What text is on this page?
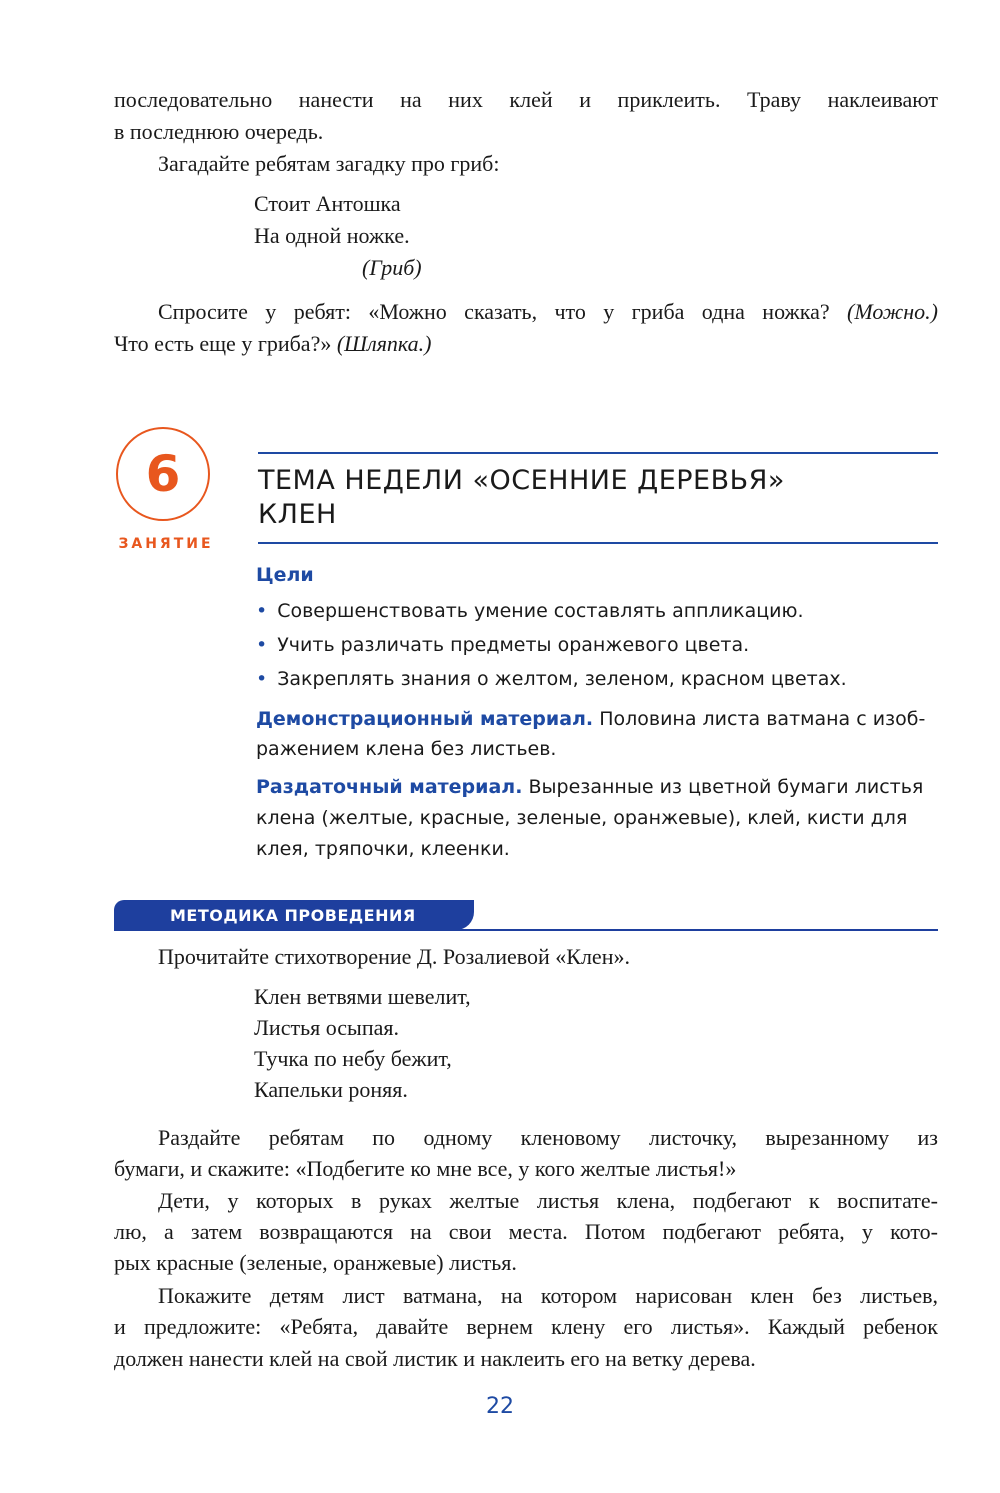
последовательно нанести на них клей и приклеить. Траву наклеивают
в последнюю очередь.
Загадайте ребятам загадку про гриб:
Стоит Антошка
На одной ножке.
(Гриб)
Спросите у ребят: «Можно сказать, что у гриба одна ножка? (Можно.)
Что есть еще у гриба?» (Шляпка.)
6
ЗАНЯТИЕ
ТЕМА НЕДЕЛИ «ОСЕННИЕ ДЕРЕВЬЯ»
КЛЕН
Цели
• Совершенствовать умение составлять аппликацию.
• Учить различать предметы оранжевого цвета.
• Закреплять знания о желтом, зеленом, красном цветах.
Демонстрационный материал. Половина листа ватмана с изоб-
ражением клена без листьев.
Раздаточный материал. Вырезанные из цветной бумаги листья
клена (желтые, красные, зеленые, оранжевые), клей, кисти для
клея, тряпочки, клеенки.
МЕТОДИКА ПРОВЕДЕНИЯ
Прочитайте стихотворение Д. Розалиевой «Клен».
Клен ветвями шевелит,
Листья осыпая.
Тучка по небу бежит,
Капельки роняя.
Раздайте ребятам по одному кленовому листочку, вырезанному из
бумаги, и скажите: «Подбегите ко мне все, у кого желтые листья!»
Дети, у которых в руках желтые листья клена, подбегают к воспитате-
лю, а затем возвращаются на свои места. Потом подбегают ребята, у кото-
рых красные (зеленые, оранжевые) листья.
Покажите детям лист ватмана, на котором нарисован клен без листьев,
и предложите: «Ребята, давайте вернем клену его листья». Каждый ребенок
должен нанести клей на свой листик и наклеить его на ветку дерева.
22
